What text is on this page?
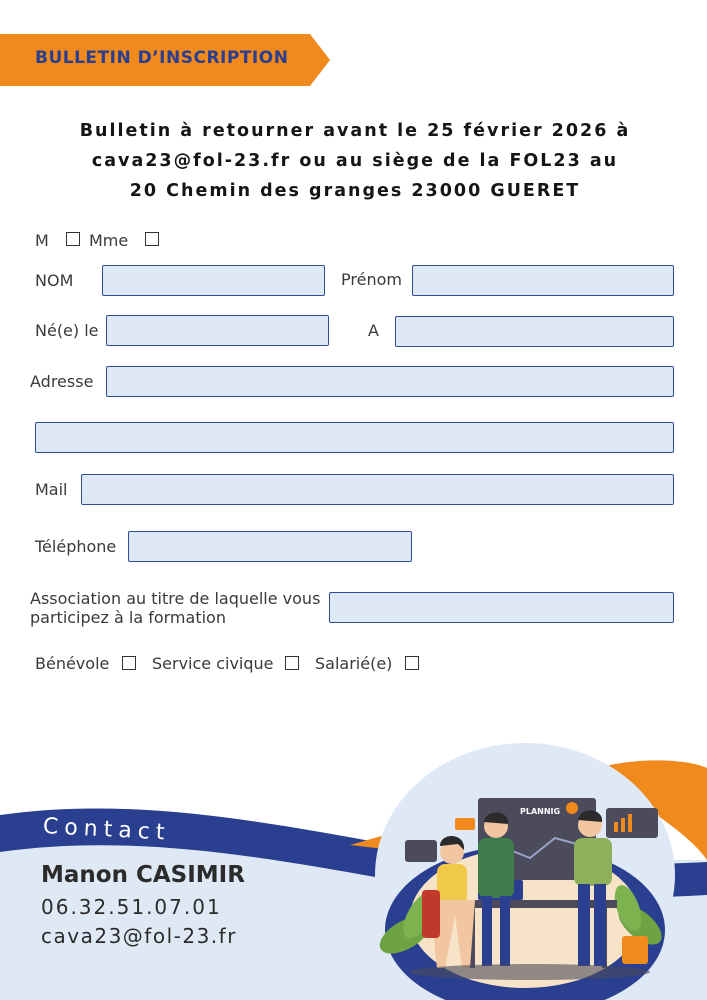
BULLETIN D’INSCRIPTION
Bulletin à retourner avant le 25 février 2026 à
cava23@fol-23.fr ou au siège de la FOL23 au
20 Chemin des granges 23000 GUERET
M	Mme
NOM	Prénom
Né(e) le	A
Adresse
Mail
Téléphone
Association au titre de laquelle vous
participez à la formation
Bénévole	Service civique	Salarié(e)
PLANNIG
Contact
Manon CASIMIR
06.32.51.07.01
cava23@fol-23.fr
